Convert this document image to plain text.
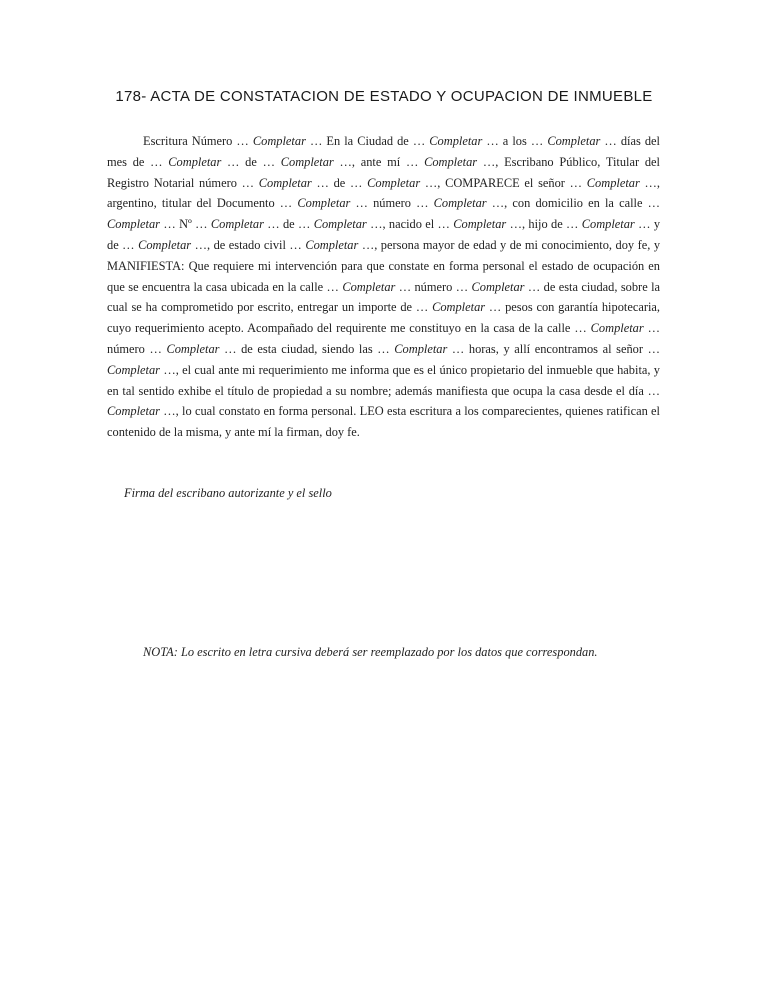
178- ACTA DE CONSTATACION DE ESTADO Y OCUPACION DE INMUEBLE

Escritura Número … Completar … En la Ciudad de … Completar … a los … Completar … días del mes de … Completar … de … Completar …, ante mí … Completar …, Escribano Público, Titular del Registro Notarial número … Completar … de … Completar …, COMPARECE el señor … Completar …, argentino, titular del Documento … Completar … número … Completar …, con domicilio en la calle … Completar … Nº … Completar … de … Completar …, nacido el … Completar …, hijo de … Completar … y de … Completar …, de estado civil … Completar …, persona mayor de edad y de mi conocimiento, doy fe, y MANIFIESTA: Que requiere mi intervención para que constate en forma personal el estado de ocupación en que se encuentra la casa ubicada en la calle … Completar … número … Completar … de esta ciudad, sobre la cual se ha comprometido por escrito, entregar un importe de … Completar … pesos con garantía hipotecaria, cuyo requerimiento acepto. Acompañado del requirente me constituyo en la casa de la calle … Completar … número … Completar … de esta ciudad, siendo las … Completar … horas, y allí encontramos al señor … Completar …, el cual ante mi requerimiento me informa que es el único propietario del inmueble que habita, y en tal sentido exhibe el título de propiedad a su nombre; además manifiesta que ocupa la casa desde el día … Completar …, lo cual constato en forma personal. LEO esta escritura a los comparecientes, quienes ratifican el contenido de la misma, y ante mí la firman, doy fe.

Firma del escribano autorizante y el sello
NOTA: Lo escrito en letra cursiva deberá ser reemplazado por los datos que correspondan.
